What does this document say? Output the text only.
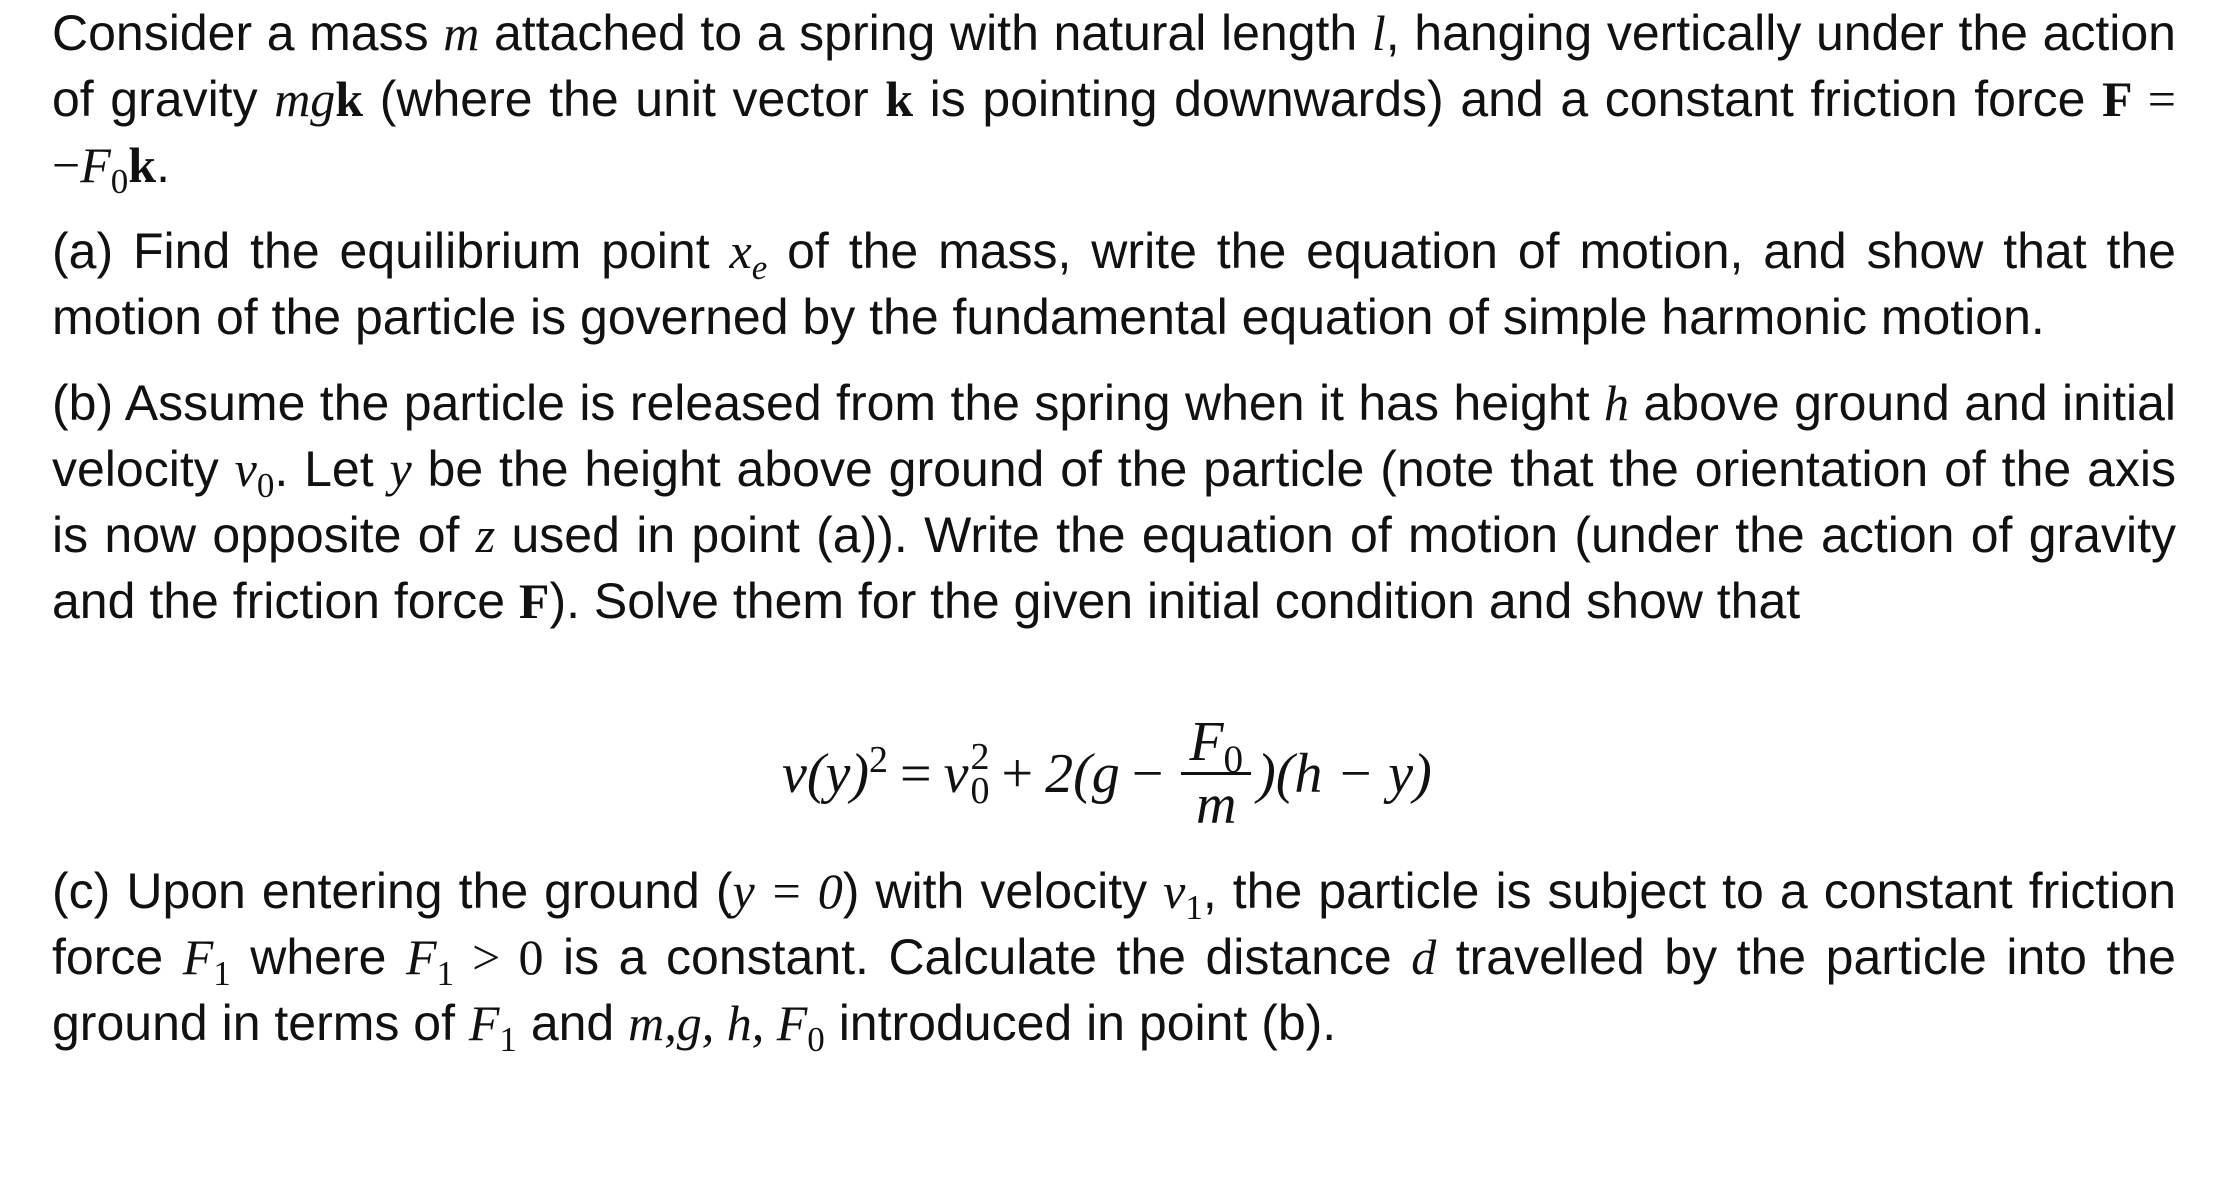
Consider a mass m attached to a spring with natural length l, hanging vertically under the action of gravity mgk (where the unit vector k is pointing downwards) and a constant friction force $F = -F_0k$.

(a) Find the equilibrium point $x_e$ of the mass, write the equation of motion, and show that the motion of the particle is governed by the fundamental equation of simple harmonic motion.

(b) Assume the particle is released from the spring when it has height h above ground and initial velocity $v_0$. Let y be the height above ground of the particle (note that the orientation of the axis is now opposite of z used in point (a)). Write the equation of motion (under the action of gravity and the friction force F). Solve them for the given initial condition and show that

$v(y)^2 = v$ 2
$0 + 2(g - \frac{F_0}{m} )(h - y)$

(c) Upon entering the ground (y = 0) with velocity $v_1$, the particle is subject to a constant friction force $F_1$ where $F_1 > 0$ is a constant. Calculate the distance d travelled by the particle into the ground in terms of $F_1$ and m,g, h, $F_0$ introduced in point (b).
